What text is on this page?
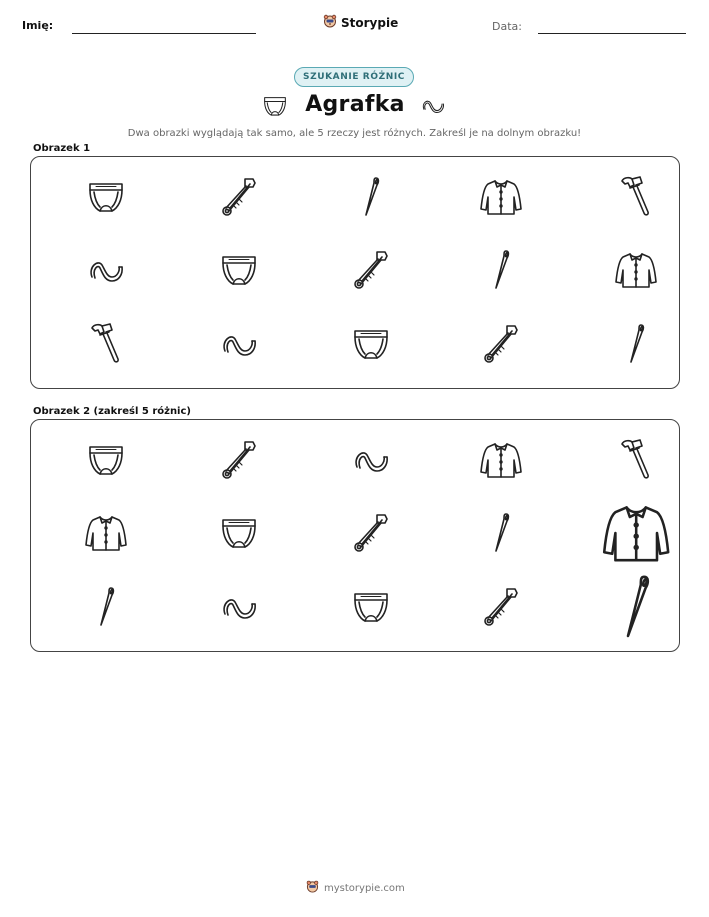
Imię:	Storypie	Data:
SZUKANIE RÓŻNIC
Agrafka
Dwa obrazki wyglądają tak samo, ale 5 rzeczy jest różnych. Zakreśl je na dolnym obrazku!
Obrazek 1
Obrazek 2 (zakreśl 5 różnic)
mystorypie.com
